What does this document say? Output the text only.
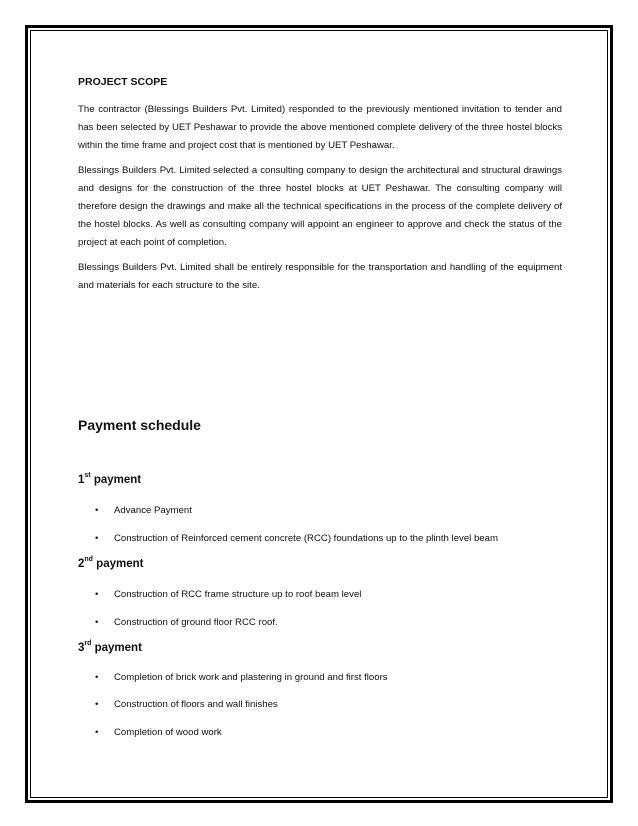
PROJECT SCOPE

The contractor (Blessings Builders Pvt. Limited) responded to the previously mentioned invitation to tender and has been selected by UET Peshawar to provide the above mentioned complete delivery of the three hostel blocks within the time frame and project cost that is mentioned by UET Peshawar.

Blessings Builders Pvt. Limited selected a consulting company to design the architectural and structural drawings and designs for the construction of the three hostel blocks at UET Peshawar. The consulting company will therefore design the drawings and make all the technical specifications in the process of the complete delivery of the hostel blocks. As well as consulting company will appoint an engineer to approve and check the status of the project at each point of completion.

Blessings Builders Pvt. Limited shall be entirely responsible for the transportation and handling of the equipment and materials for each structure to the site.

Payment schedule
1st payment
• Advance Payment
• Construction of Reinforced cement concrete (RCC) foundations up to the plinth level beam
2nd payment
• Construction of RCC frame structure up to roof beam level
• Construction of ground floor RCC roof.
3rd payment
• Completion of brick work and plastering in ground and first floors
• Construction of floors and wall finishes
• Completion of wood work
